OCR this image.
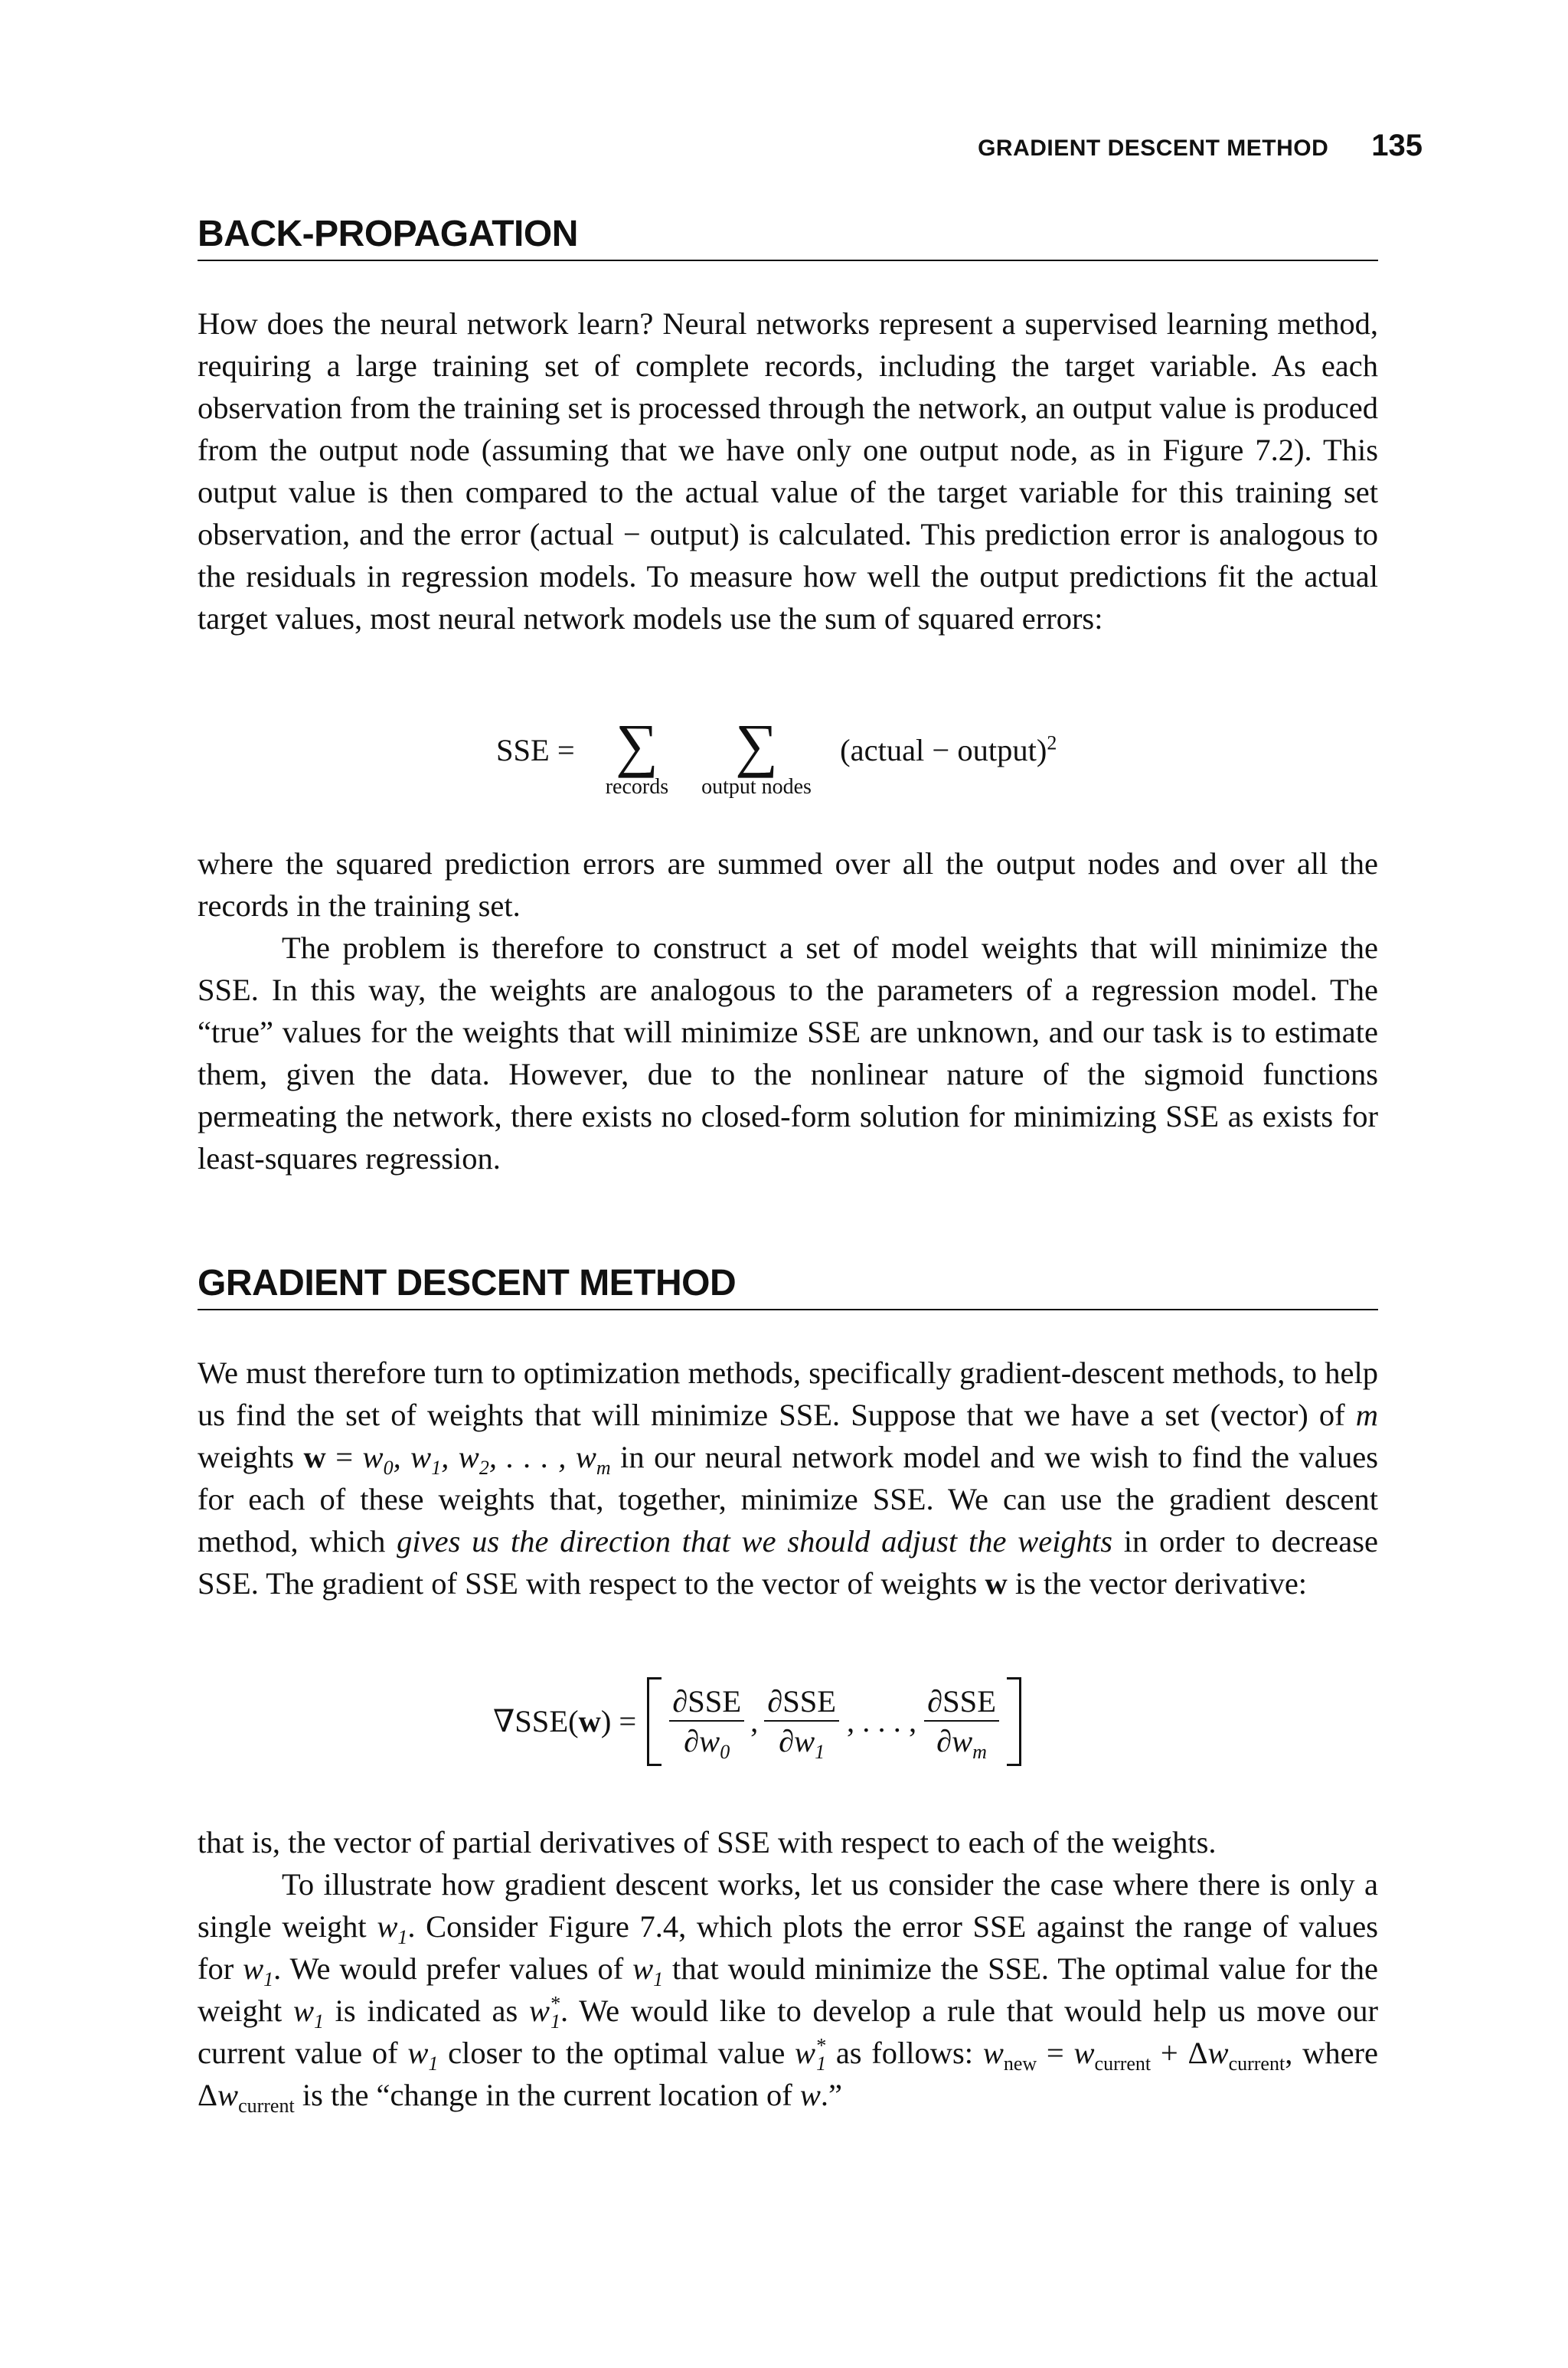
GRADIENT DESCENT METHOD 135
BACK-PROPAGATION

How does the neural network learn? Neural networks represent a supervised learning method, requiring a large training set of complete records, including the target variable. As each observation from the training set is processed through the network, an output value is produced from the output node (assuming that we have only one output node, as in Figure 7.2). This output value is then compared to the actual value of the target variable for this training set observation, and the error (actual − output) is calculated. This prediction error is analogous to the residuals in regression models. To measure how well the output predictions fit the actual target values, most neural network models use the sum of squared errors:

SSE = ∑
records

∑
output nodes
(actual − output)$^2$

where the squared prediction errors are summed over all the output nodes and over all the records in the training set.

The problem is therefore to construct a set of model weights that will minimize the SSE. In this way, the weights are analogous to the parameters of a regression model. The “true” values for the weights that will minimize SSE are unknown, and our task is to estimate them, given the data. However, due to the nonlinear nature of the sigmoid functions permeating the network, there exists no closed-form solution for minimizing SSE as exists for least-squares regression.

GRADIENT DESCENT METHOD

We must therefore turn to optimization methods, specifically gradient-descent methods, to help us find the set of weights that will minimize SSE. Suppose that we have a set (vector) of m weights $w = w_0$, $w_1$, $w_2$, . . . , $w_m$ in our neural network model and we wish to find the values for each of these weights that, together, minimize SSE. We can use the gradient descent method, which gives us the direction that we should adjust the weights in order to decrease SSE. The gradient of SSE with respect to the vector of weights w is the vector derivative:

$\nabla SSE(w) = \frac{\text{∂SSE}}{\partial w_0}$ , $\frac{\text{∂SSE}}{\partial w_1}$ , . . . , $\frac{\text{∂SSE}}{\partial w_m}$

that is, the vector of partial derivatives of SSE with respect to each of the weights.

To illustrate how gradient descent works, let us consider the case where there is only a single weight $w_1$. Consider Figure 7.4, which plots the error SSE against the range of values for $w_1$. We would prefer values of $w_1$ that would minimize the SSE. The optimal value for the weight $w_1$ is indicated as $w^*_1$. We would like to develop a rule that would help us move our current value of $w_1$ closer to the optimal value $w^*_1$ as follows: $w_{new} = w_{current} + \Delta w_{current}$, where $\Delta w_{current}$ is the “change in the current location of w.”
